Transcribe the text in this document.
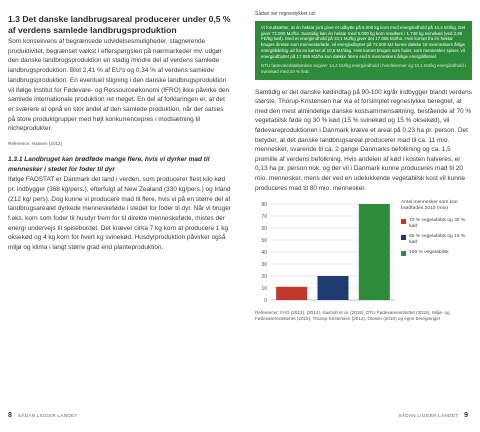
1.3 Det danske landbrugsareal producerer under 0,5 % af verdens samlede landbrugsproduktion
Som konsekvens af begrænsede udvidelsesmuligheder, stagnerende produktivitet, begrænset vækst i efterspørgslen på nærmarkeder mv. udgør den danske landbrugsproduktion en stadig mindre del af verdens samlede landbrugsproduktion. Blot 2,41 % af EU's og 0,34 % af verdens samlede landbrugsproduktion. En eventuel stigning i den danske landbrugsproduktion vil ifølge Institut for Fødevare- og Ressourceøkonomi (IFRO) ikke påvirke den samlede internationale produktion ret meget. En del af forklaringen er, at det er sværere at opnå en stor andel af den samlede produktion, når der satses på store produktgrupper med højt konkurrencepres i modsætning til nicheprodukter.
Reference: Hansen (2012)
1.3.1 Landbruget kan brødføde mange flere, hvis vi dyrker mad til mennesker i stedet for foder til dyr
Ifølge FAOSTAT er Danmark det land i verden, som producerer flest kilo kød pr. indbygger (368 kg/pers.), efterfulgt af New Zealand (330 kg/pers.) og Irland (212 kg/ pers). Dog kunne vi producere mad til flere, hvis vi på en større del af landbrugsarealet dyrkede menneskeføde i stedet for foder til dyr. Når vi bruger f.eks. korn som foder til husdyr frem for til direkte menneskeføde, mistes der energi undervejs til spisebordet. Det kræver cirka 7 kg korn at producere 1 kg oksekød og 4 kg korn for hvert kg svinekød. Husdyrproduktion påvirker også miljø og klima i langt større grad end planteproduktion.
Sådan ser regnestykket ud:

Vi forudsætter, at én hektar jord giver et udbytte på 5.000 kg korn med energiindhold på 14,4 MJ/kg. Det giver 72.000 MJ/ha. Samtidig kan én hektar med 5.000 kg korn resultere i 1.748 kg svinekød (ved 2,86 FE/kg kød). Med et energiindhold på 10,1 MJ/kg giver det 17.655 MJ/ha. Hvis kornet fra én hektar bruges direkte som menneskeføde, vil energiudbyttet på 72.000 MJ kunne dække 19 menneskers årlige energitildeling ud fra en kørsel af 10,5 MJ/dag. Hvis kornet bruges som foder, som mennesker spiser, vil energiudbyttet på 17.655 MJ/ha kun dække færre end 5 menneskers årlige energitilførsel.

DTU fødevaredatabanken angiver 14,4 MJ/kg energiindhold i hvedekerner og 10,1 MJ/kg energiindhold i svinekød med 20 % fedt.

Samtidig er det danske kødindtag på 90-100 kg/år indbygger blandt verdens største. Thorup-Kristensen har via et forsimplet regnestykke beregnet, at med den mest almindelige danske kostsammensætning, bestående af 70 % vegetabilsk føde og 30 % kød (15 % svinekød og 15 % oksekød), vil fødevareproduktionen i Danmark kræve et areal på 0,23 ha pr. person. Det betyder, at det danske landbrugsareal producerer mad til ca. 11 mio. mennesker, svarende til ca. 2 gange Danmarks befolkning og ca. 1,5 promille af verdens befolkning. Hvis andelen af kød i kosten halveres, er 0,13 ha pr. person nok, og der vil i Danmark kunne produceres mad til 20 mio. mennesker, mens der ved en udelukkende vegetabilsk kost vil kunne produceres mad til 80 mio. mennesker.
0
10
20
30
40
50
60
70
80	Antal mennesker som kan brødfødes 2010 (mio)
70 % vegetabilsk og 30 % kød
85 % vegetabilsk og 15 % kød
100 % vegetabilsk
Referencer: FAO (2013), (2014), Saxholt et al. (2015), DTU Fødevareinstituttet (2015), Miljø- og Fødevareministeriet (2015), Thorup-Kristensen (2012), Olesen (2010) og egne beregninger
8 SÅDAN LIGGER LANDET	SÅDAN LIGGER LANDET 9
